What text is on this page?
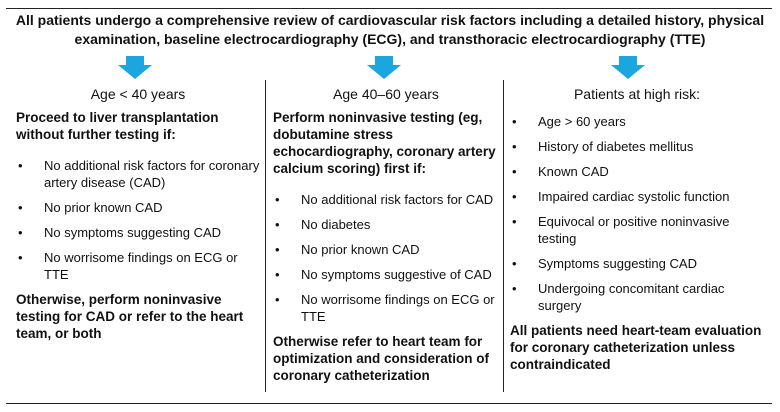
All patients undergo a comprehensive review of cardiovascular risk factors including a detailed history, physical examination, baseline electrocardiography (ECG), and transthoracic electrocardiography (TTE)
Age < 40 years
Proceed to liver transplantation without further testing if:
• No additional risk factors for coronary artery disease (CAD)
• No prior known CAD
• No symptoms suggesting CAD
• No worrisome findings on ECG or TTE
Otherwise, perform noninvasive testing for CAD or refer to the heart team, or both
Age 40–60 years
Perform noninvasive testing (eg, dobutamine stress echocardiography, coronary artery calcium scoring) first if:
• No additional risk factors for CAD
• No diabetes
• No prior known CAD
• No symptoms suggestive of CAD
• No worrisome findings on ECG or TTE
Otherwise refer to heart team for optimization and consideration of coronary catheterization
Patients at high risk:
• Age > 60 years
• History of diabetes mellitus
• Known CAD
• Impaired cardiac systolic function
• Equivocal or positive noninvasive testing
• Symptoms suggesting CAD
• Undergoing concomitant cardiac surgery
All patients need heart-team evaluation for coronary catheterization unless contraindicated
